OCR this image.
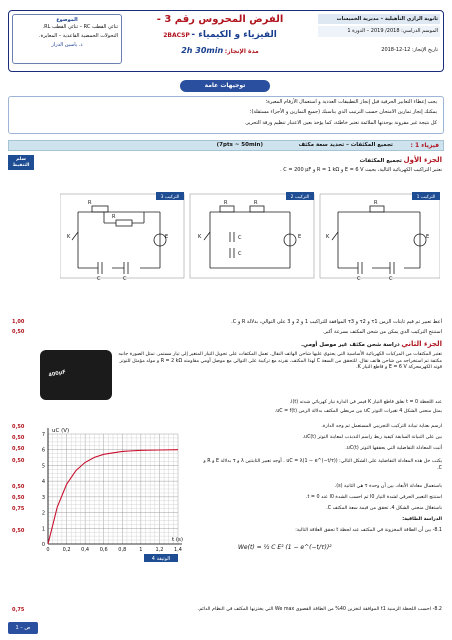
الموضوع
ثنائي القطب RC – ثنائي القطب RL.
التحولات الحمضية القاعدية – المعايرة.
ذ. ياسين الدراز
الفرض المحروس رقم 3 -
2BACSP الفيزياء و الكيمياء -
2h 30min مدة الإنجاز:
ثانوية الرازي التأهيلية – مديرية الخميسات
الموسم الدراسي: 2018/ 2019 – الدورة 1
تاريخ الإنجاز: 12-12-2018
توجيهات عامة
يجب إعطاء التعابير الحرفية قبل إنجاز التطبيقات العددية و استعمال الأرقام المعبرة؛
يمكنك إنجاز تمارين الامتحان حسب الترتيب الذي يناسبك (جميع التمارين و الأجزاء مستقلة)؛
كل نتيجة غير مقرونة بوحدتها الملائمة تعتبر خاطئة، كما يؤخذ بعين الاعتبار تنظيم ورقة التحرير.
فيزياء 1 :
تجميع المكثفات – تحديد سعة مكثف
(7pts ~ 50min)
سلم التنقيط
الجزء الأول تجميع المكثفات
نعتبر التراكيب الكهربائية التالية، بحيث E = 6 V و R = 1 kΩ و C = 200 μF .
R
R
C	C
K	E
التركيب 3
R	R
C
C
K	E
التركيب 2
R
C	C
K	E
التركيب 1
1,00	أعط تعبير ثم قيم ثابتات الزمن τ1 و τ2 و τ3 الموافقة للتراكيب 1 و 2 و 3 على التوالي، بدلالة R و C.
0,50	استنتج التركيب الذي يمكن من شحن المكثف بسرعة أكبر.
الجزء الثاني دراسة شحن مكثف غير موصل أومي.
400μF
تعتبر المكثفات من المركبات الكهربائية الأساسية التي يحتوي عليها شاحن الهاتف النقال. تعمل المكثفات على تحويل التيار المتغير إلى تيار مستمر. تمثل الصورة جانبه مكثفة تم استخراجه من شاحن هاتف نقال. للتحقق من السعة C لهذا المكثف، نقرنه مع تركيبة على التوالي مع موصل أومي مقاومته R = 2 kΩ و مولد مؤمثل للتوتر قوته الكهرمحركة E = 6 V و قاطع التيار K.
عند اللحظة t = 0 نغلق قاطع التيار K فيمر في الدارة تيار كهربائي شدته i(t).
يمثل منحنى الشكل 4 تغيرات التوتر uC بين مربطي المكثف بدلالة الزمن uC = f(t).
0	0,2 0,4 0,6 0,8	1	1,2 1,4
0
1
2
3
4
5
6
7
uC (V)
t (s)
الوثيقة 4
0,50	ارسم بعناية تبيانة التركيب التجريبي المستعمل ثم وجه الدارة.
0,50	بين على التبيانة السابقة كيفية ربط راسم التذبذب لمعاينة التوتر uC(t).
0,50	أثبت المعادلة التفاضلية التي يحققها التوتر uC(t).
0,50	يكتب حل هذه المعادلة التفاضلية على الشكل التالي: uC = λ(1 − e^(−t/τ)) . أوجد تعبير الثابتتين λ و τ بدلالة E و R و C.
0,50	باستعمال معادلة الأبعاد، بين أن وحدة τ هي الثانية (s).
0,50	استنتج التعبير الحرفي لشدة التيار I0 ثم احسب الشدة I0 عند t = 0.
0,75	باستغلال منحنى الشكل 4، تحقق من قيمة سعة المكثف C.
الدراسة الطاقية:
0,50	8.1- بين أن الطاقة المخزونة في المكثف عند لحظة t تحقق العلاقة التالية:
We(t) = ½ C E² (1 − e^(−t/τ))²
0,75	8.2- احسب اللحظة الزمنية t1 الموافقة لتخزين 40% من الطاقة القصوى We max التي يختزنها المكثف في النظام الدائم.
ص – 1
